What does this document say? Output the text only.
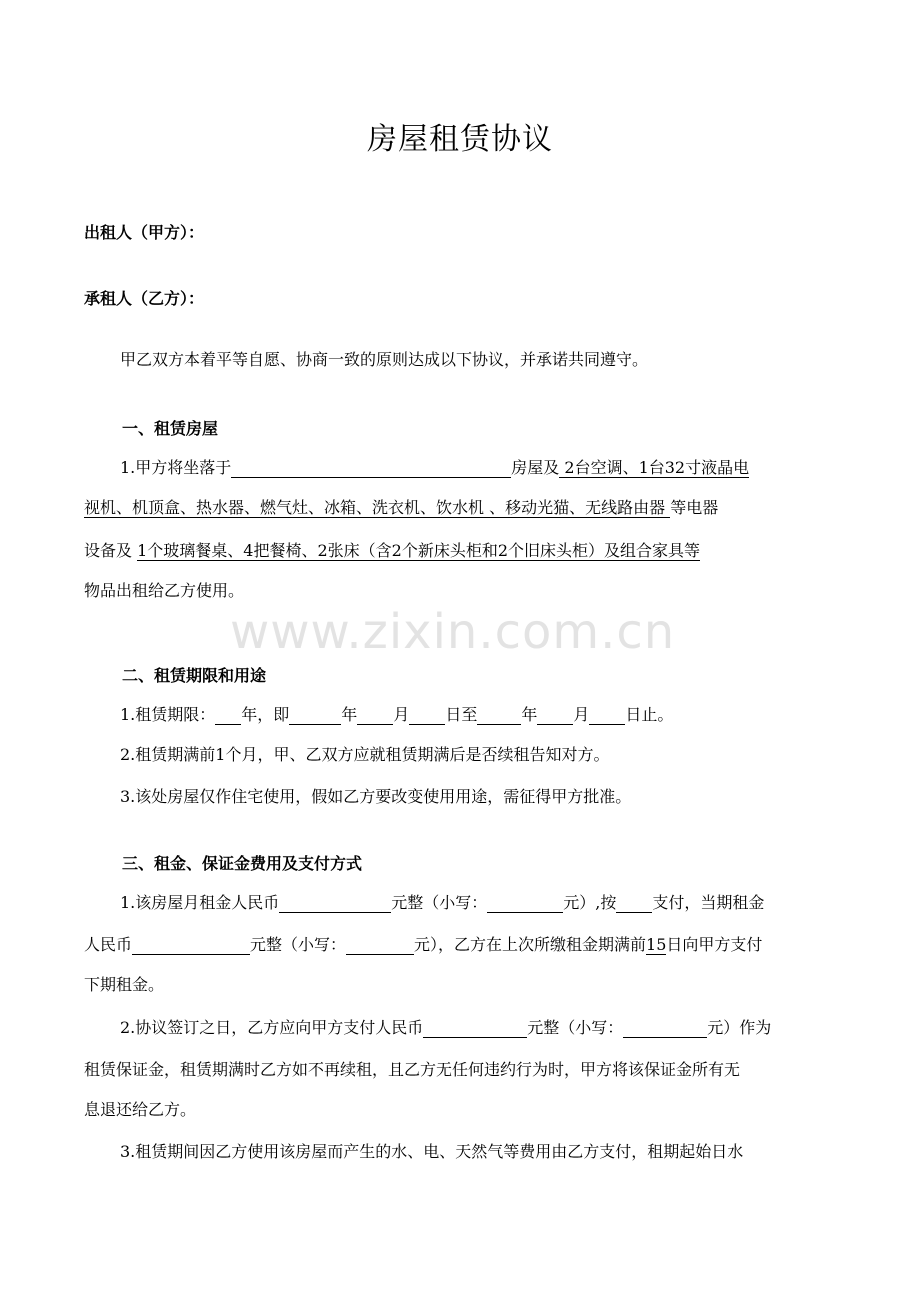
房屋租赁协议
出租人（甲方）：
承租人（乙方）：
甲乙双方本着平等自愿、协商一致的原则达成以下协议，并承诺共同遵守。
一、租赁房屋
1.甲方将坐落于	房屋及 2台空调、1台32寸液晶电
视机、机顶盒、热水器、燃气灶、冰箱、洗衣机、饮水机 、移动光猫、无线路由器 等电器
设备及 1个玻璃餐桌、4把餐椅、2张床（含2个新床头柜和2个旧床头柜）及组合家具等
物品出租给乙方使用。
www.zixin.com.cn
二、租赁期限和用途
1.租赁期限： 年，即	年 月 日至	年 月 日止。
2.租赁期满前1个月，甲、乙双方应就租赁期满后是否续租告知对方。
3.该处房屋仅作住宅使用，假如乙方要改变使用用途，需征得甲方批准。
三、租金、保证金费用及支付方式
1.该房屋月租金人民币	元整（小写：	元）,按 支付，当期租金
人民币	元整（小写：	元），乙方在上次所缴租金期满前15日向甲方支付
下期租金。
2.协议签订之日，乙方应向甲方支付人民币	元整（小写：	元）作为
租赁保证金，租赁期满时乙方如不再续租，且乙方无任何违约行为时，甲方将该保证金所有无
息退还给乙方。
3.租赁期间因乙方使用该房屋而产生的水、电、天然气等费用由乙方支付，租期起始日水
